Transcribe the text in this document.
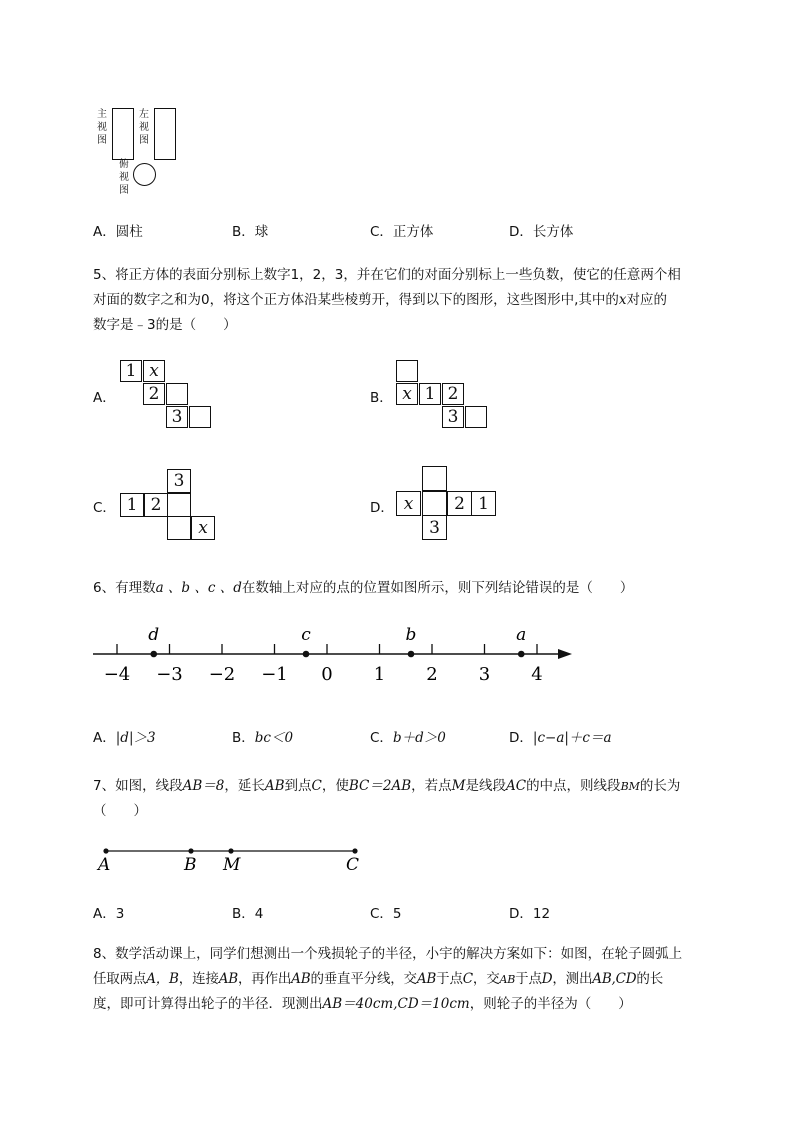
主
视
图
左
视
图
俯
视
图
A．圆柱	B．球	C．正方体	D．长方体
5、将正方体的表面分别标上数字1，2，3，并在它们的对面分别标上一些负数，使它的任意两个相
对面的数字之和为0，将这个正方体沿某些棱剪开，得到以下的图形，这些图形中,其中的x对应的
数字是﹣3的是（　　）
A．
1 x
2
3
B． x 1 2
3
C．
3
1 2
x
D． x	2 1
3
6、有理数a 、b 、c 、d在数轴上对应的点的位置如图所示，则下列结论错误的是（　　）
−4 −3 −2 −1 0 1 2 3 4
d	c	b	a
A．|d|＞3	B．bc＜0	C．b＋d＞0	D．|c−a|＋c＝a
7、如图，线段AB＝8，延长AB到点C，使BC＝2AB，若点M是线段AC的中点，则线段BM的长为
（　　）
A	B M	C
A．3	B．4	C．5	D．12
8、数学活动课上，同学们想测出一个残损轮子的半径，小宇的解决方案如下：如图，在轮子圆弧上
任取两点A，B，连接AB，再作出AB的垂直平分线，交AB于点C，交AB于点D，测出AB,CD的长
度，即可计算得出轮子的半径．现测出AB＝40cm,CD＝10cm，则轮子的半径为（　　）
